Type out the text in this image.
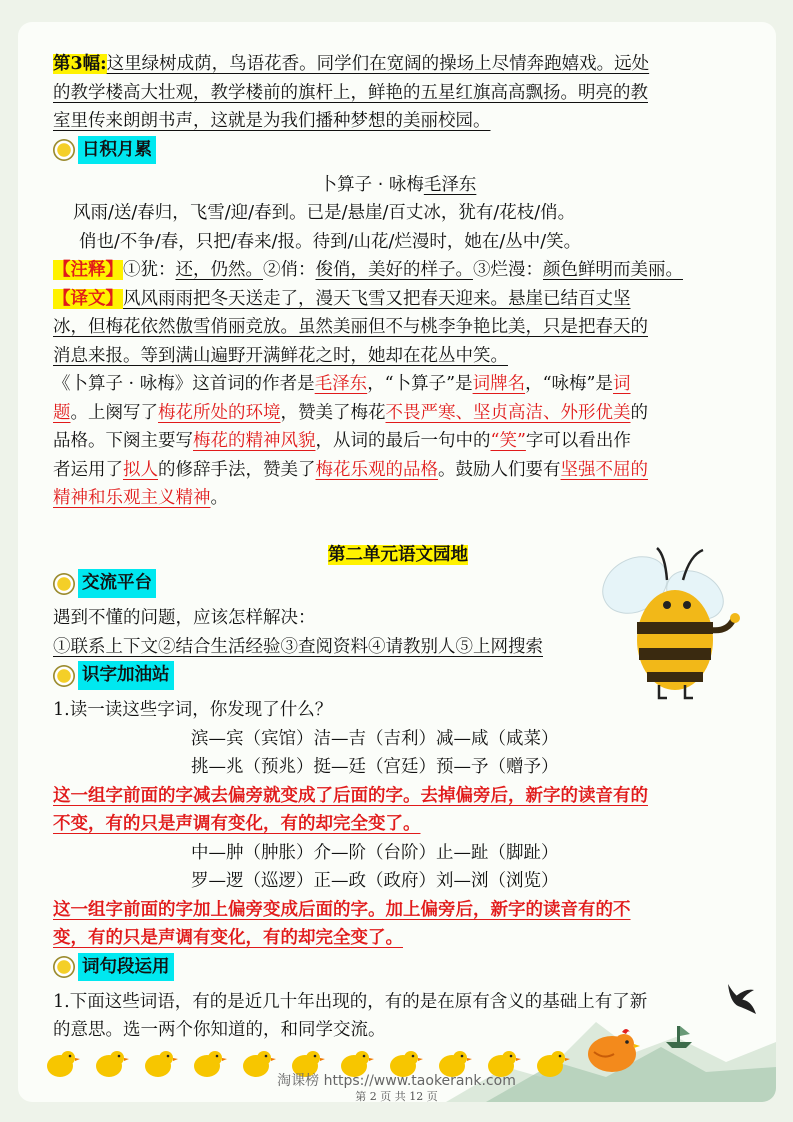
第3幅:这里绿树成荫，鸟语花香。同学们在宽阔的操场上尽情奔跑嬉戏。远处
的教学楼高大壮观，教学楼前的旗杆上，鲜艳的五星红旗高高飘扬。明亮的教
室里传来朗朗书声，这就是为我们播种梦想的美丽校园。
日积月累
卜算子 · 咏梅毛泽东
风雨/送/春归，飞雪/迎/春到。已是/悬崖/百丈冰，犹有/花枝/俏。
俏也/不争/春，只把/春来/报。待到/山花/烂漫时，她在/丛中/笑。
【注释】①犹：还，仍然。②俏：俊俏，美好的样子。③烂漫：颜色鲜明而美丽。
【译文】风风雨雨把冬天送走了，漫天飞雪又把春天迎来。悬崖已结百丈坚
冰，但梅花依然傲雪俏丽竞放。虽然美丽但不与桃李争艳比美，只是把春天的
消息来报。等到满山遍野开满鲜花之时，她却在花丛中笑。
《卜算子 · 咏梅》这首词的作者是毛泽东，“卜算子”是词牌名，“咏梅”是词
题。上阕写了梅花所处的环境，赞美了梅花不畏严寒、坚贞高洁、外形优美的
品格。下阕主要写梅花的精神风貌，从词的最后一句中的“笑”字可以看出作
者运用了拟人的修辞手法，赞美了梅花乐观的品格。鼓励人们要有坚强不屈的
精神和乐观主义精神。
第二单元语文园地
交流平台
遇到不懂的问题，应该怎样解决：
①联系上下文②结合生活经验③查阅资料④请教别人⑤上网搜索
识字加油站
1.读一读这些字词，你发现了什么？
滨—宾（宾馆）洁—吉（吉利）减—咸（咸菜）
挑—兆（预兆）挺—廷（宫廷）预—予（赠予）
这一组字前面的字减去偏旁就变成了后面的字。去掉偏旁后，新字的读音有的
不变，有的只是声调有变化，有的却完全变了。
中—肿（肿胀）介—阶（台阶）止—趾（脚趾）
罗—逻（巡逻）正—政（政府）刘—浏（浏览）
这一组字前面的字加上偏旁变成后面的字。加上偏旁后，新字的读音有的不
变，有的只是声调有变化，有的却完全变了。
词句段运用
1.下面这些词语，有的是近几十年出现的，有的是在原有含义的基础上有了新
的意思。选一两个你知道的，和同学交流。
淘课榜 https://www.taokerank.com
第 2 页 共 12 页
